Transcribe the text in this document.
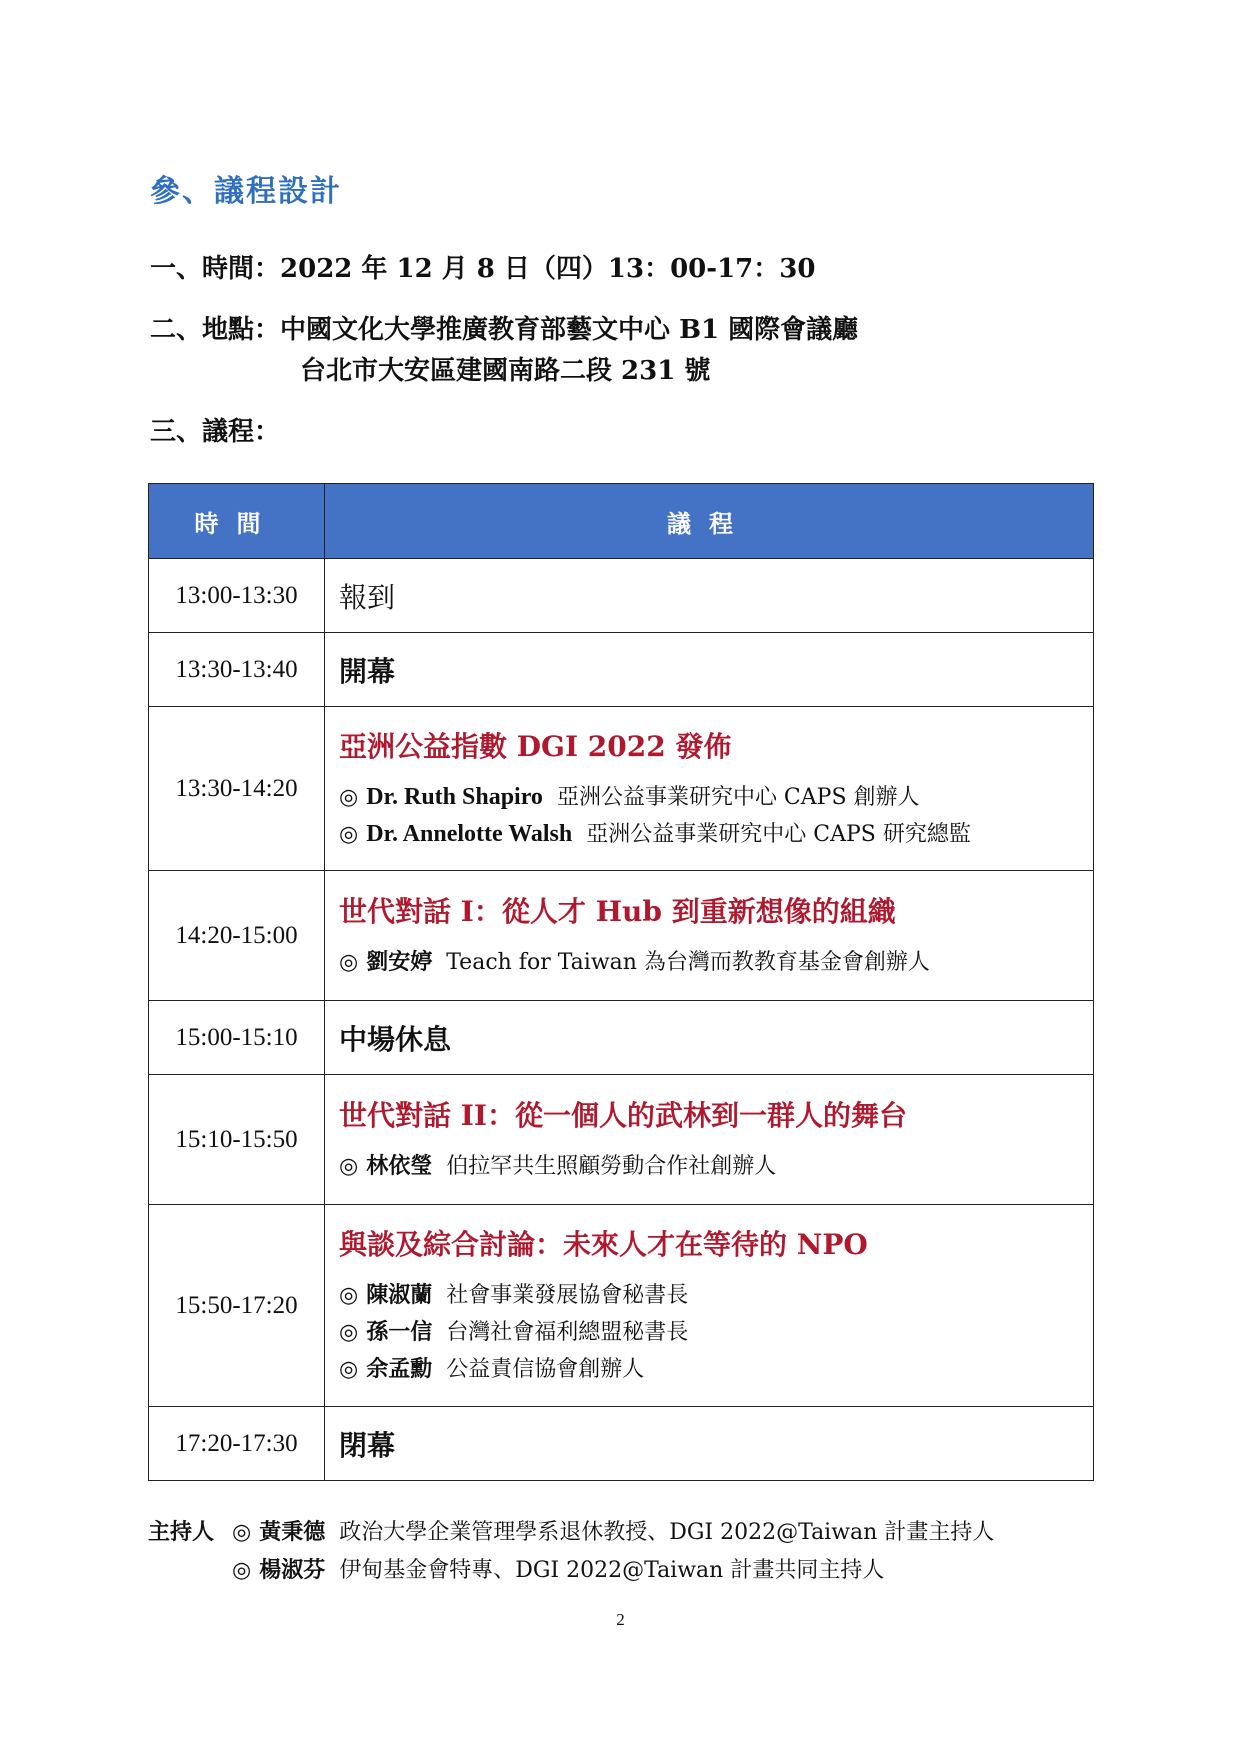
參、議程設計
一、時間：2022 年 12 月 8 日（四）13：00-17：30
二、地點：中國文化大學推廣教育部藝文中心 B1 國際會議廳
台北市大安區建國南路二段 231 號
三、議程：
時間	議程
13:00-13:30	報到

13:30-13:40	開幕

13:30-14:20	亞洲公益指數 DGI 2022 發佈
◎ Dr. Ruth Shapiro 亞洲公益事業研究中心 CAPS 創辦人
◎ Dr. Annelotte Walsh 亞洲公益事業研究中心 CAPS 研究總監

14:20-15:00	世代對話 I：從人才 Hub 到重新想像的組織
◎ 劉安婷 Teach for Taiwan 為台灣而教教育基金會創辦人

15:00-15:10	中場休息

15:10-15:50	世代對話 II：從一個人的武林到一群人的舞台
◎ 林依瑩 伯拉罕共生照顧勞動合作社創辦人

15:50-17:20	與談及綜合討論：未來人才在等待的 NPO
◎ 陳淑蘭 社會事業發展協會秘書長
◎ 孫一信 台灣社會福利總盟秘書長
◎ 余孟勳 公益責信協會創辦人

17:20-17:30	閉幕
主持人 ◎ 黃秉德 政治大學企業管理學系退休教授、DGI 2022@Taiwan 計畫主持人
◎ 楊淑芬 伊甸基金會特專、DGI 2022@Taiwan 計畫共同主持人
2
